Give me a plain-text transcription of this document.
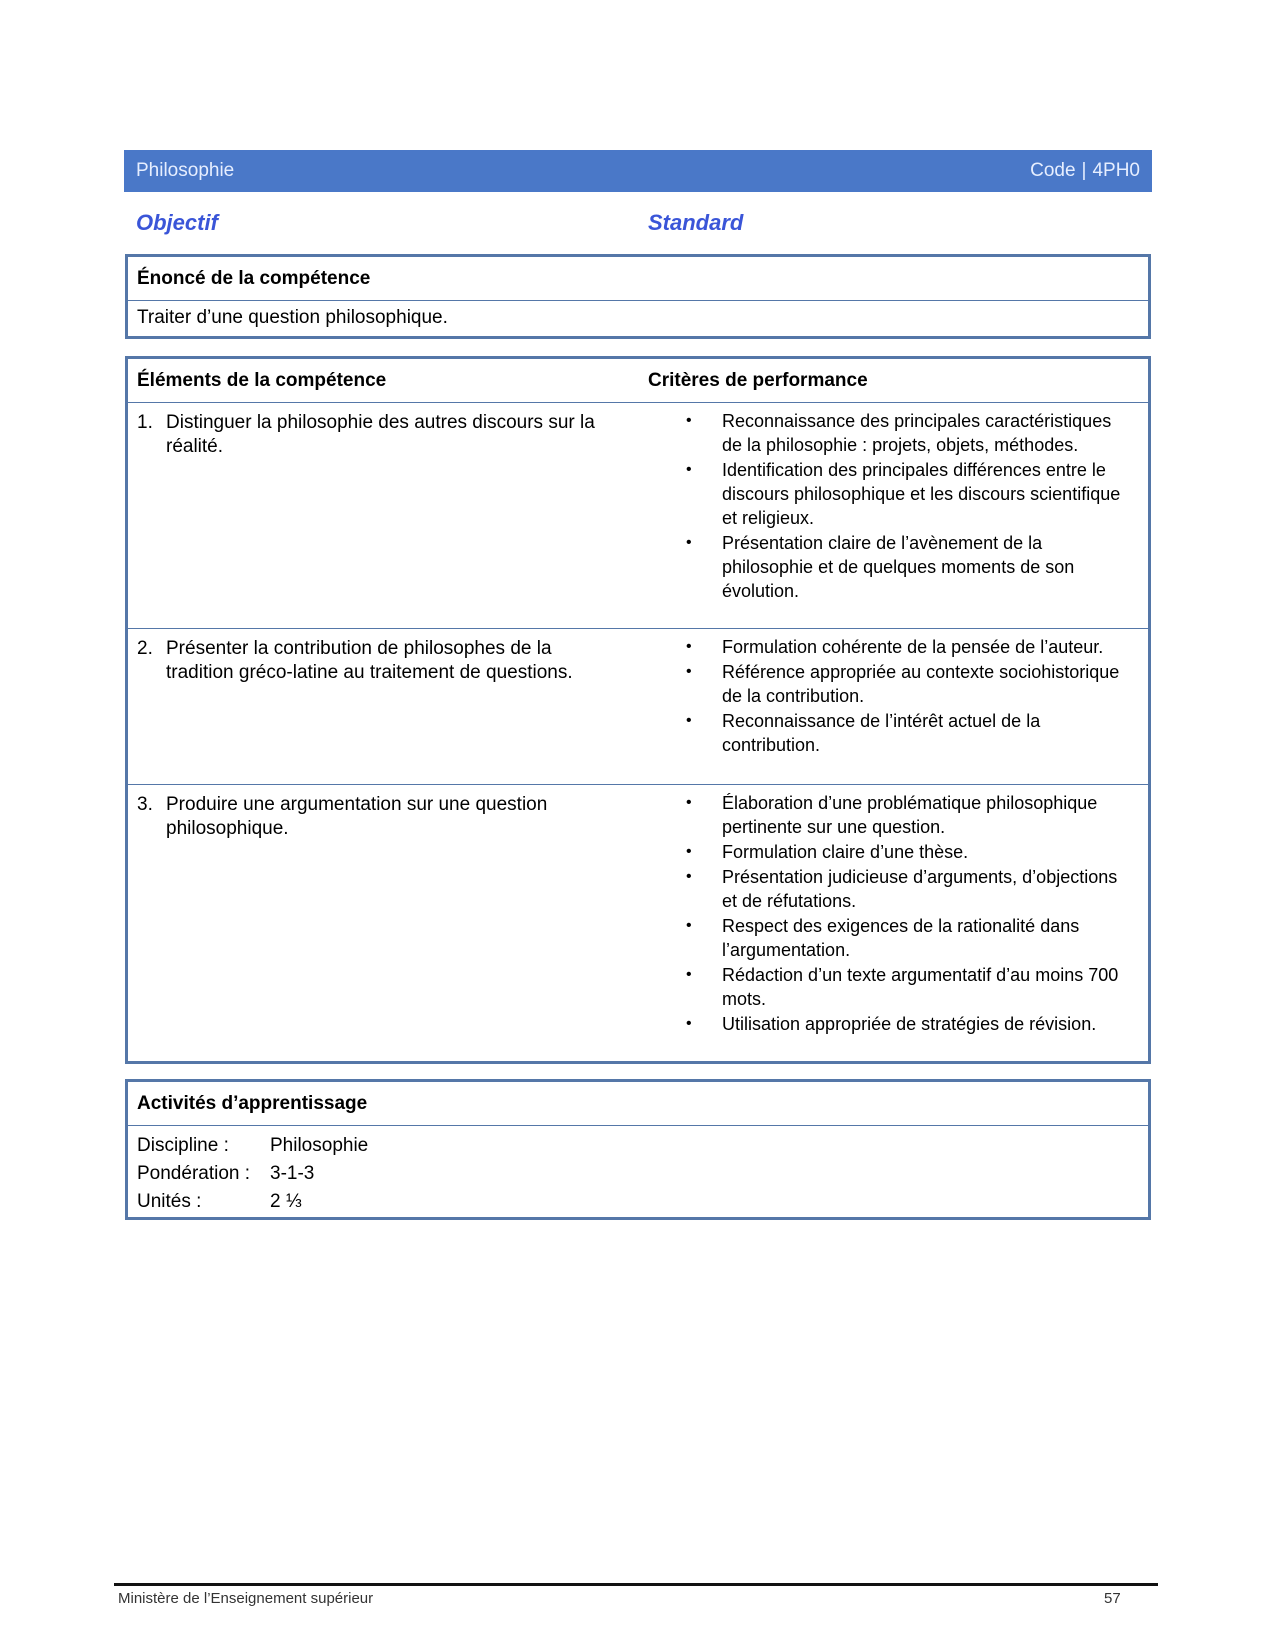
Philosophie	Code | 4PH0
Objectif	Standard
Énoncé de la compétence
Traiter d’une question philosophique.
Éléments de la compétence	Critères de performance
1. Distinguer la philosophie des autres discours sur la réalité.
•	Reconnaissance des principales caractéristiques de la philosophie : projets, objets, méthodes.
•	Identification des principales différences entre le discours philosophique et les discours scientifique et religieux.
•	Présentation claire de l’avènement de la philosophie et de quelques moments de son évolution.
2. Présenter la contribution de philosophes de la tradition gréco-latine au traitement de questions.
•	Formulation cohérente de la pensée de l’auteur.
•	Référence appropriée au contexte sociohistorique de la contribution.
•	Reconnaissance de l’intérêt actuel de la contribution.
3. Produire une argumentation sur une question philosophique.
•	Élaboration d’une problématique philosophique pertinente sur une question.
•	Formulation claire d’une thèse.
•	Présentation judicieuse d’arguments, d’objections et de réfutations.
•	Respect des exigences de la rationalité dans l’argumentation.
•	Rédaction d’un texte argumentatif d’au moins 700 mots.
•	Utilisation appropriée de stratégies de révision.
Activités d’apprentissage
Discipline :	Philosophie
Pondération :	3-1-3
Unités :	2 ⅓
Ministère de l’Enseignement supérieur	57
